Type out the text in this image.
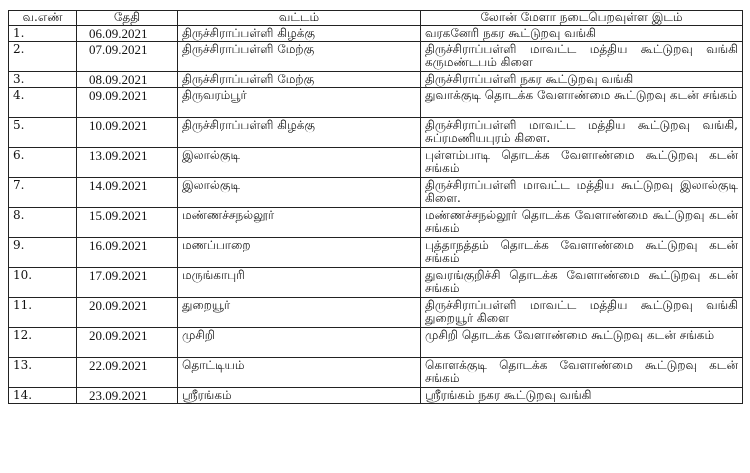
வ.எண்	தேதி	வட்டம்	லோன் மேளா நடைபெறவுள்ள இடம்
1.	06.09.2021	திருச்சிராப்பள்ளி கிழக்கு	வரகனேரி நகர கூட்டுறவு வங்கி
2.	07.09.2021	திருச்சிராப்பள்ளி மேற்கு	திருச்சிராப்பள்ளி மாவட்ட மத்திய கூட்டுறவு வங்கி கருமண்டபம் கிளை
3.	08.09.2021	திருச்சிராப்பள்ளி மேற்கு	திருச்சிராப்பள்ளி நகர கூட்டுறவு வங்கி
4.	09.09.2021	திருவரம்பூர்	துவாக்குடி தொடக்க வேளாண்மை கூட்டுறவு கடன் சங்கம்
5.	10.09.2021	திருச்சிராப்பள்ளி கிழக்கு	திருச்சிராப்பள்ளி மாவட்ட மத்திய கூட்டுறவு வங்கி, சுப்ரமணியபுரம் கிளை.
6.	13.09.2021	இலால்குடி	புள்ளம்பாடி தொடக்க வேளாண்மை கூட்டுறவு கடன் சங்கம்
7.	14.09.2021	இலால்குடி	திருச்சிராப்பள்ளி மாவட்ட மத்திய கூட்டுறவு இலால்குடி கிளை.
8.	15.09.2021	மண்ணச்சநல்லூர்	மண்ணச்சநல்லூர் தொடக்க வேளாண்மை கூட்டுறவு கடன் சங்கம்
9.	16.09.2021	மணப்பாறை	புத்தாநத்தம் தொடக்க வேளாண்மை கூட்டுறவு கடன் சங்கம்
10.	17.09.2021	மருங்காபுரி	துவரங்குறிச்சி தொடக்க வேளாண்மை கூட்டுறவு கடன் சங்கம்
11.	20.09.2021	துறையூர்	திருச்சிராப்பள்ளி மாவட்ட மத்திய கூட்டுறவு வங்கி துறையூர் கிளை
12.	20.09.2021	முசிறி	முசிறி தொடக்க வேளாண்மை கூட்டுறவு கடன் சங்கம்
13.	22.09.2021	தொட்டியம்	கொளக்குடி தொடக்க வேளாண்மை கூட்டுறவு கடன் சங்கம்
14.	23.09.2021	ஸ்ரீரங்கம்	ஸ்ரீரங்கம் நகர கூட்டுறவு வங்கி
